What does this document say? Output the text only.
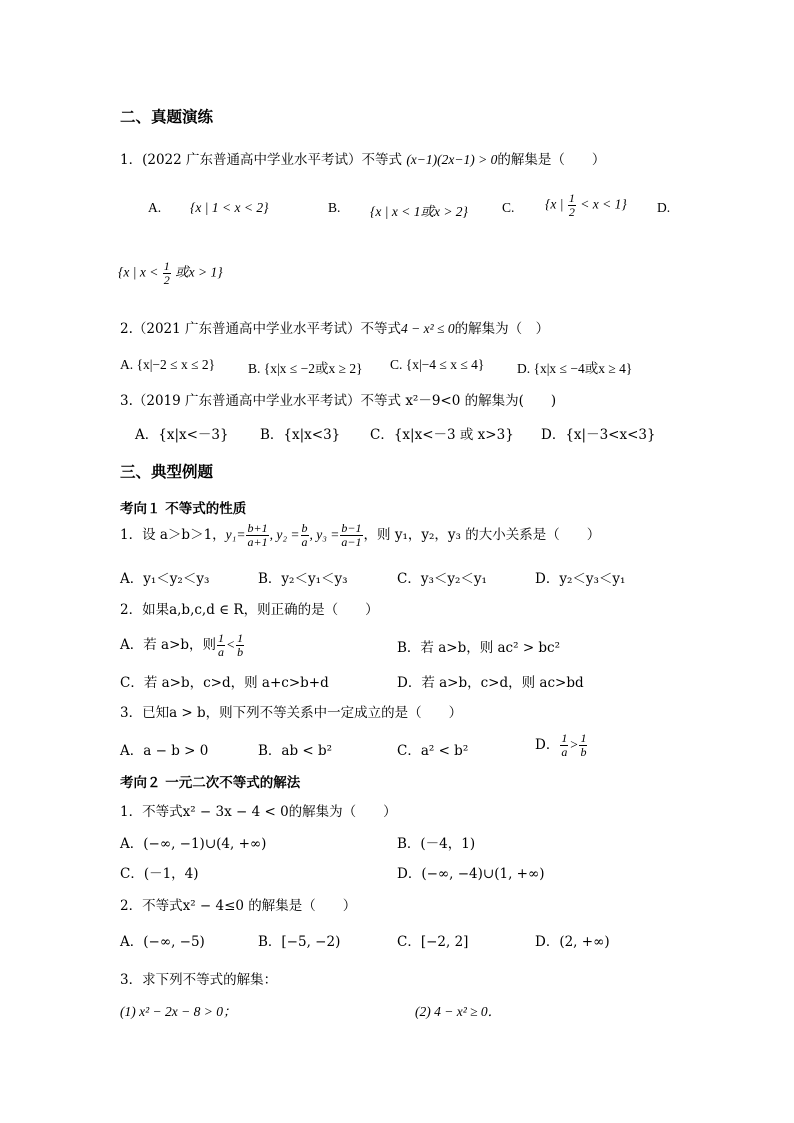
二、真题演练
1．(2022 广东普通高中学业水平考试）不等式 (x−1)(2x−1) > 0的解集是（　　）
A. {x | 1 < x < 2}	B. {x | x < 1或x > 2}	C. {x | $\frac{1}{2} < x < 1$} D.
{x | $x < \frac{1}{2}$ 或x > 1}
2.（2021 广东普通高中学业水平考试）不等式4 − x² ≤ 0的解集为（　）
A. {x|−2 ≤ x ≤ 2} B. {x|x ≤ −2或x ≥ 2} C. {x|−4 ≤ x ≤ 4} D. {x|x ≤ −4或x ≥ 4}
3.（2019 广东普通高中学业水平考试）不等式 x²－9<0 的解集为(　　)
A．{x|x<－3} B．{x|x<3} C．{x|x<－3 或 x>3} D．{x|－3<x<3}
三、典型例题
考向１ 不等式的性质
1．设 a＞b＞1，$y_1= \frac{b+1}{a+1}$ , $y_2 = \frac{b}{a}$ , $y_3 = \frac{b-1}{a-1}$ ，则 y₁，y₂，y₃ 的大小关系是（　　）
A．y₁＜y₂＜y₃	B．y₂＜y₁＜y₃	C．y₃＜y₂＜y₁	D．y₂＜y₃＜y₁
2．如果a,b,c,d ∈ R，则正确的是（　　）
A．若 a>b，则 $\frac{1}{a} < \frac{1}{b}$	B．若 a>b，则 ac² > bc²
C．若 a>b，c>d，则 a+c>b+d	D．若 a>b，c>d，则 ac>bd
3．已知a > b，则下列不等关系中一定成立的是（　　）
A．a − b > 0	B．ab < b²	C．a² < b²	D． $\frac{1}{a} > \frac{1}{b}$
考向２ 一元二次不等式的解法
1．不等式x² − 3x − 4 < 0的解集为（　　）
A．(−∞, −1)∪(4, +∞)	B．(－4，1)
C．(－1，4)	D．(−∞, −4)∪(1, +∞)
2．不等式x² − 4≤0 的解集是（　　）
A．(−∞, −5)	B．[−5, −2)	C．[−2, 2]	D．(2, +∞)
3．求下列不等式的解集：
(1) x² − 2x − 8 > 0；	(2) 4 − x² ≥ 0．
